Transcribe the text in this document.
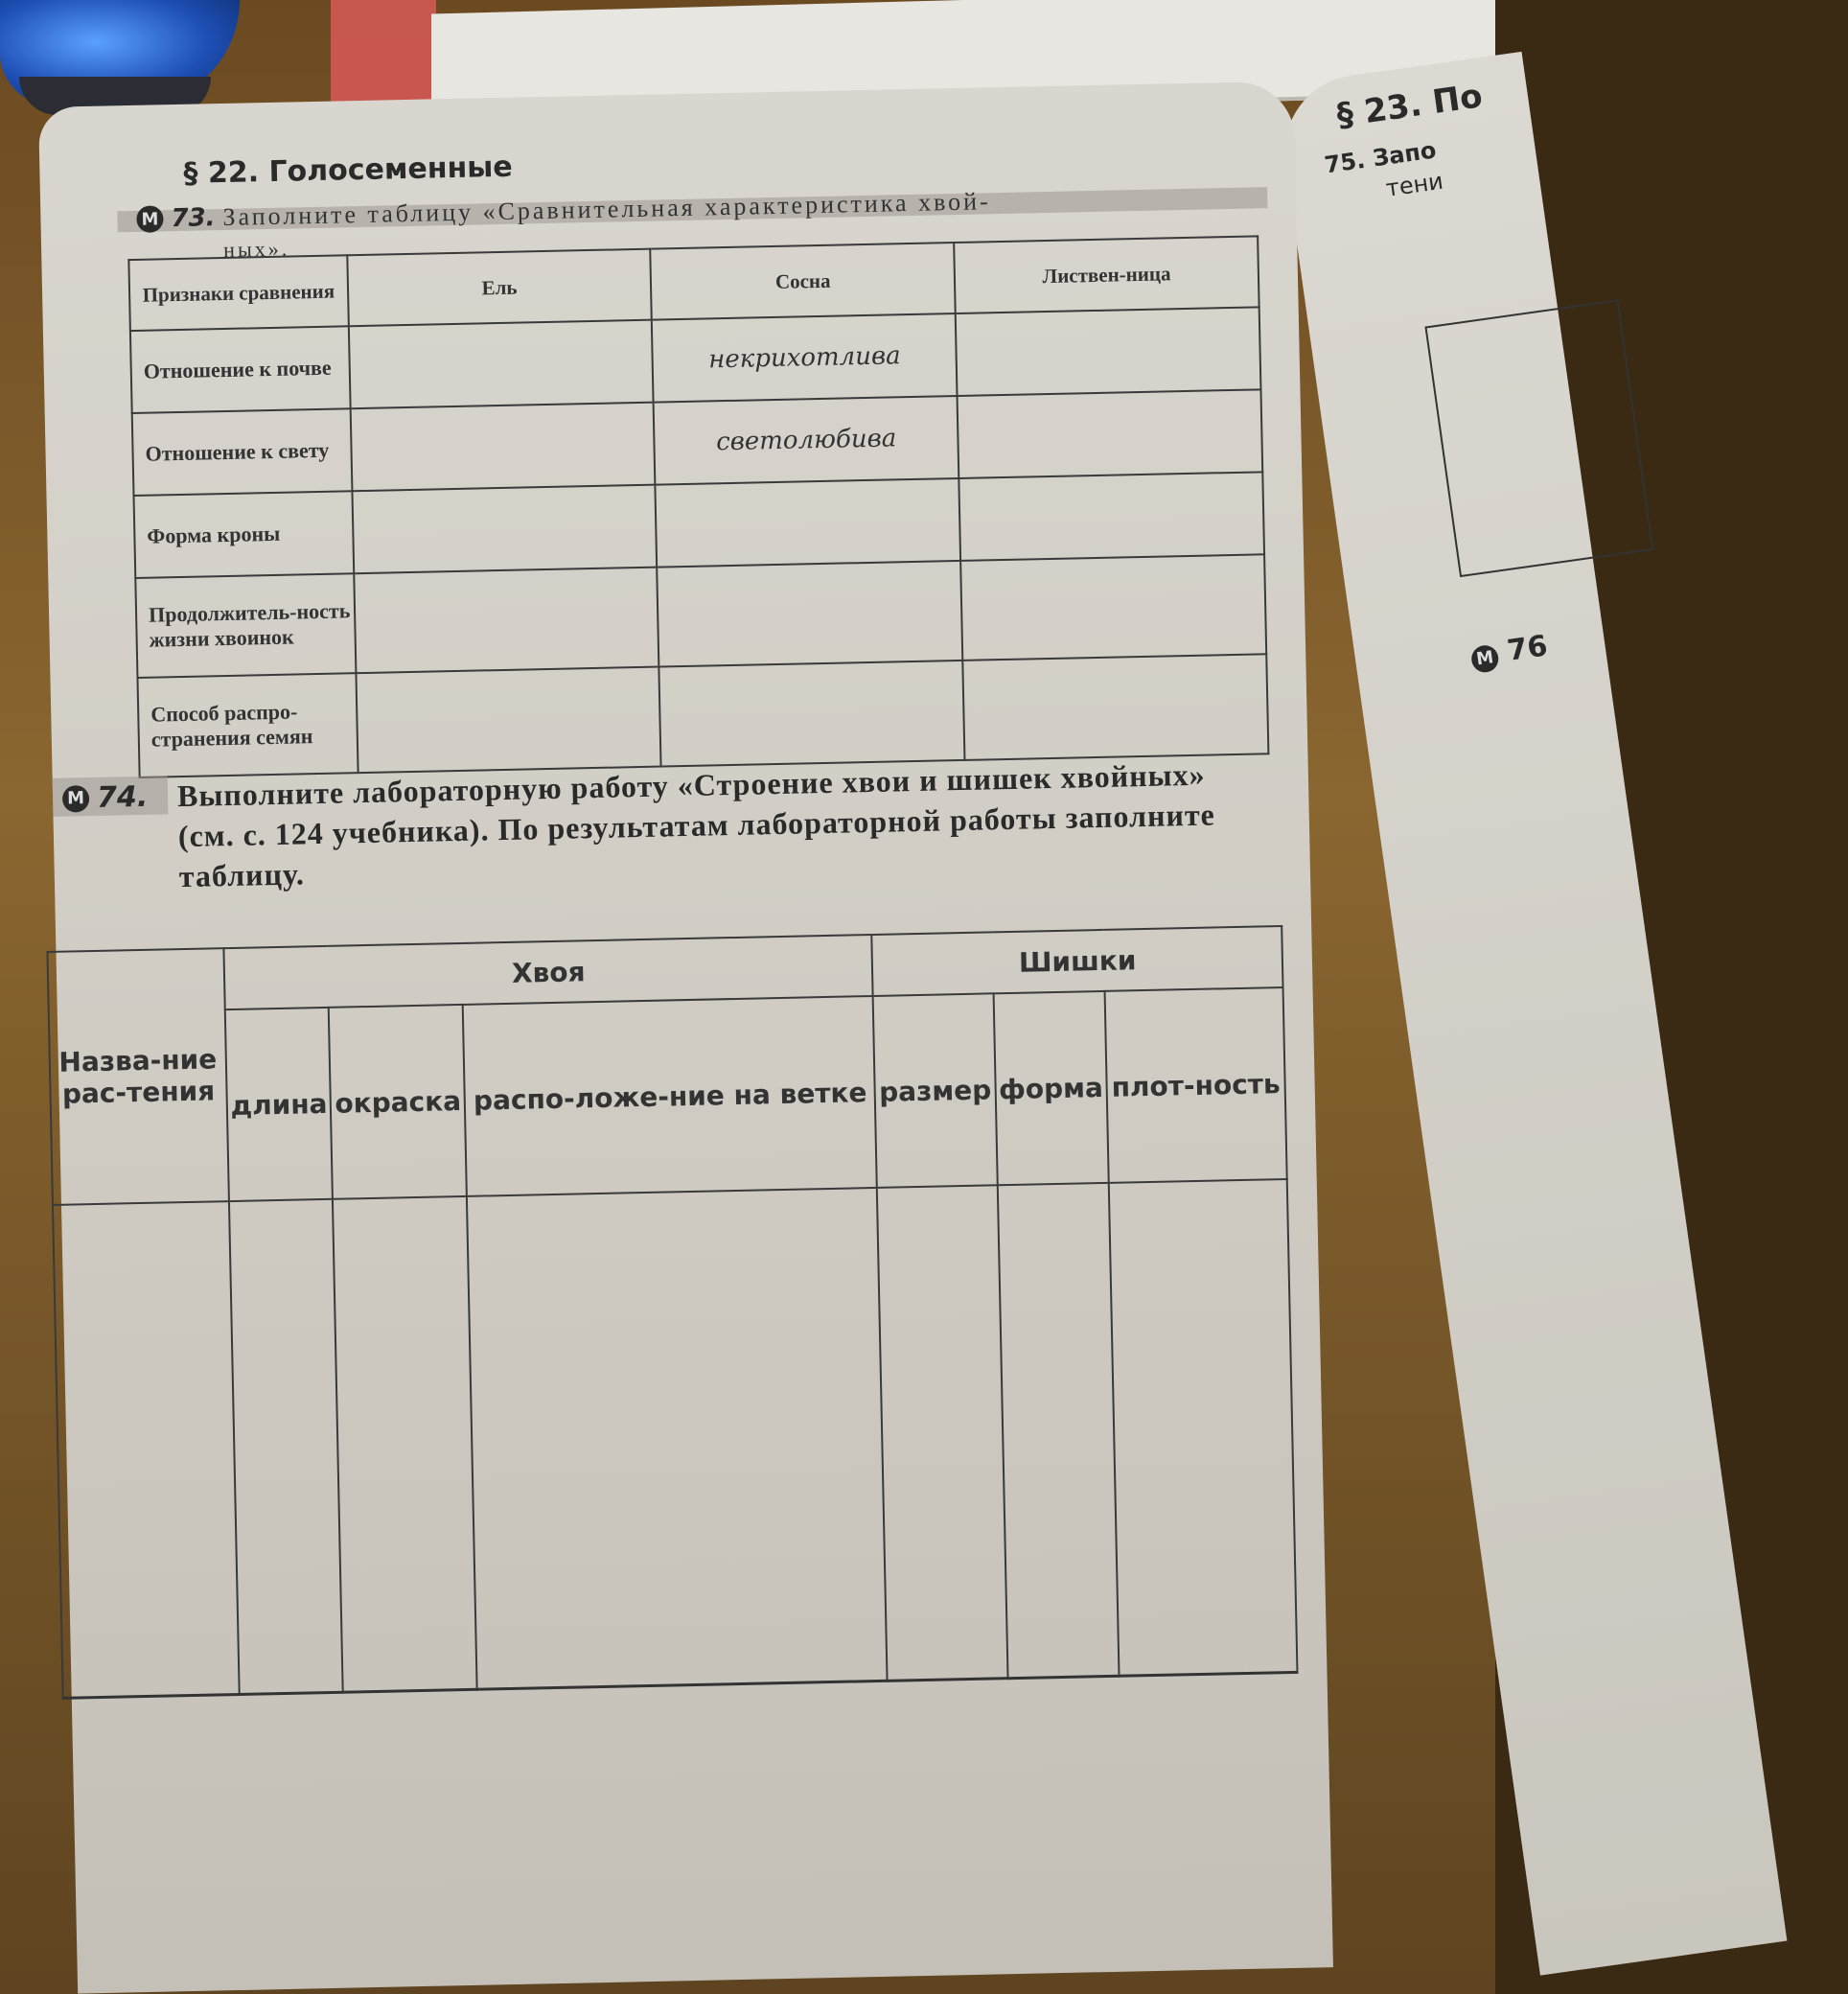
§ 23. По
75. Запо
тени
M 76
§ 22. Голосеменные
M 73. Заполните таблицу «Сравнительная характеристика хвой-
ных».
Признаки сравнения	Ель	Сосна	Листвен-ница
Отношение к почве		некрихотлива	
Отношение к свету		светолюбива	
Форма кроны			
Продолжитель-ность жизни хвоинок			
Способ распро-странения семян			
M 74. Выполните лабораторную работу «Строение хвои и шишек хвойных» (см. с. 124 учебника). По результатам лабораторной работы заполните таблицу.
Назва-ние рас-тения	Хвоя			Шишки		
	длина	окраска	распо-ложе-ние на ветке	размер	форма	плот-ность
